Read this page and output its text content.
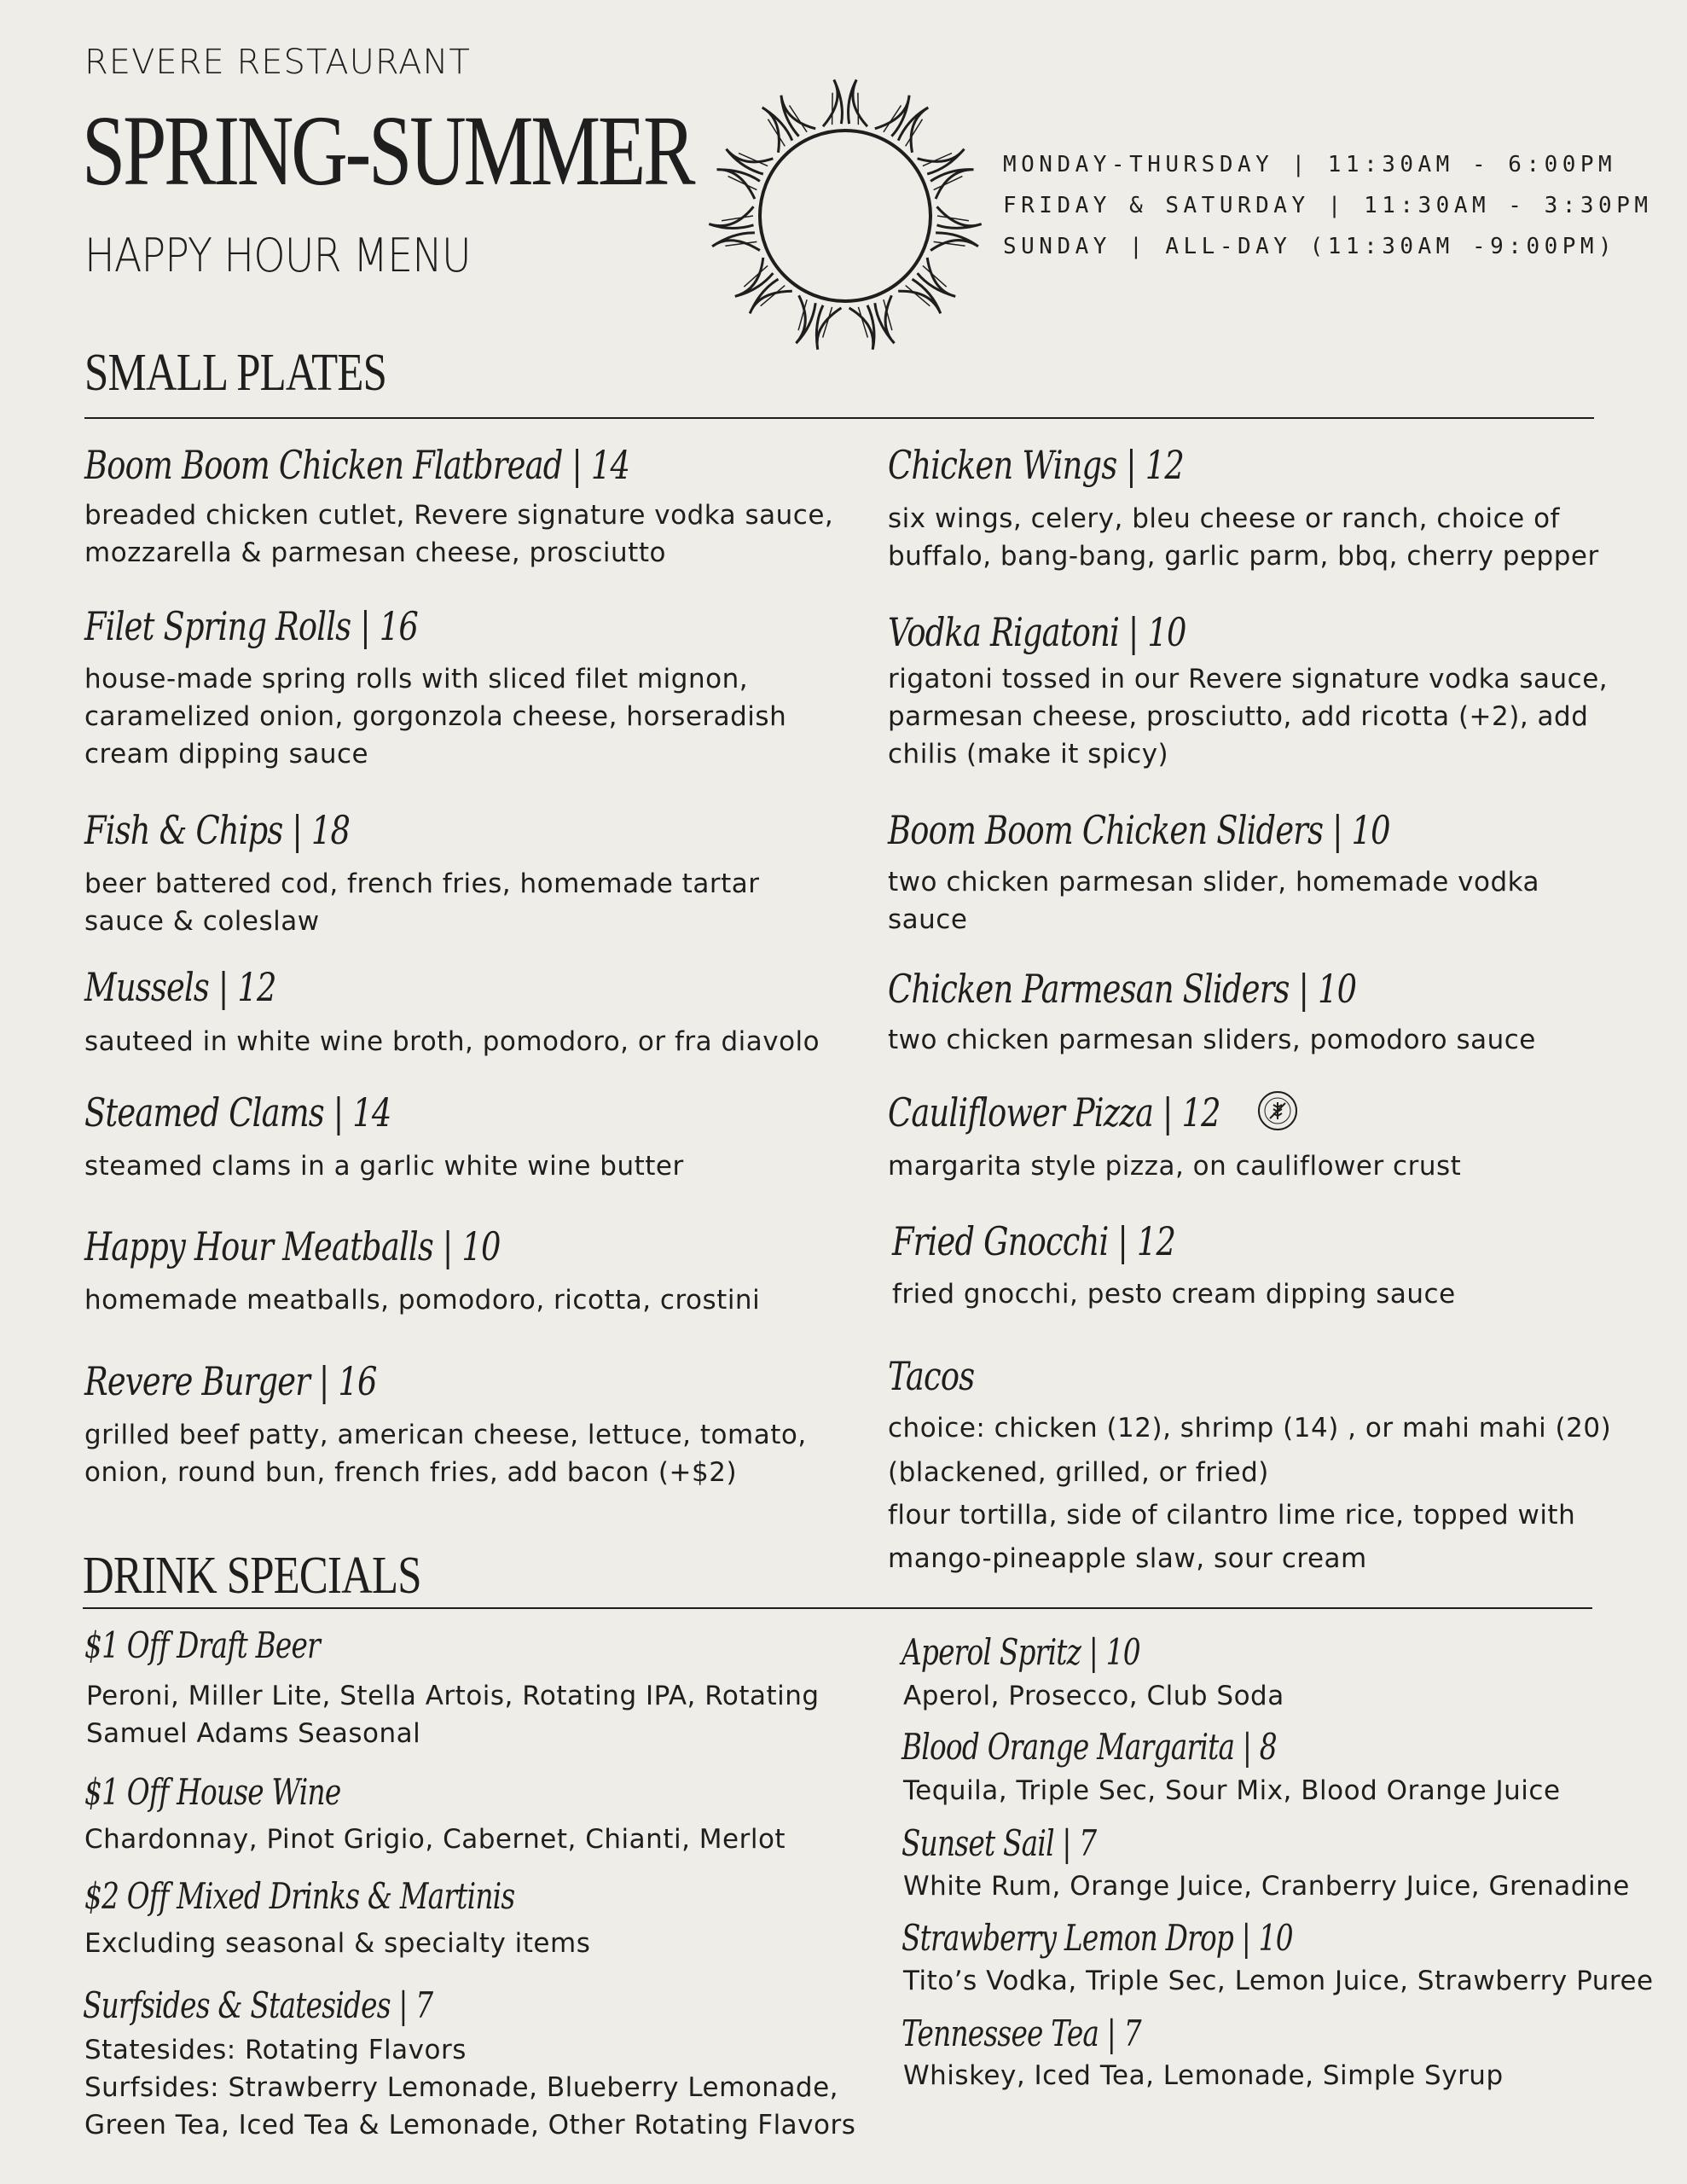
REVERE RESTAURANT
SPRING-SUMMER
HAPPY HOUR MENU
MONDAY-THURSDAY | 11:30AM - 6:00PM
FRIDAY & SATURDAY | 11:30AM - 3:30PM
SUNDAY | ALL-DAY (11:30AM -9:00PM)
SMALL PLATES
Boom Boom Chicken Flatbread | 14
breaded chicken cutlet, Revere signature vodka sauce, mozzarella & parmesan cheese, prosciutto
Filet Spring Rolls | 16
house-made spring rolls with sliced filet mignon, caramelized onion, gorgonzola cheese, horseradish cream dipping sauce
Fish & Chips | 18
beer battered cod, french fries, homemade tartar sauce & coleslaw
Mussels | 12
sauteed in white wine broth, pomodoro, or fra diavolo
Steamed Clams | 14
steamed clams in a garlic white wine butter
Happy Hour Meatballs | 10
homemade meatballs, pomodoro, ricotta, crostini
Revere Burger | 16
grilled beef patty, american cheese, lettuce, tomato, onion, round bun, french fries, add bacon (+$2)
Chicken Wings | 12
six wings, celery, bleu cheese or ranch, choice of buffalo, bang-bang, garlic parm, bbq, cherry pepper
Vodka Rigatoni | 10
rigatoni tossed in our Revere signature vodka sauce, parmesan cheese, prosciutto, add ricotta (+2), add chilis (make it spicy)
Boom Boom Chicken Sliders | 10
two chicken parmesan slider, homemade vodka sauce
Chicken Parmesan Sliders | 10
two chicken parmesan sliders, pomodoro sauce
Cauliflower Pizza | 12
margarita style pizza, on cauliflower crust
Fried Gnocchi | 12
fried gnocchi, pesto cream dipping sauce
Tacos
choice: chicken (12), shrimp (14) , or mahi mahi (20)
(blackened, grilled, or fried)
flour tortilla, side of cilantro lime rice, topped with
mango-pineapple slaw, sour cream
DRINK SPECIALS
$1 Off Draft Beer
Peroni, Miller Lite, Stella Artois, Rotating IPA, Rotating Samuel Adams Seasonal
$1 Off House Wine
Chardonnay, Pinot Grigio, Cabernet, Chianti, Merlot
$2 Off Mixed Drinks & Martinis
Excluding seasonal & specialty items
Surfsides & Statesides | 7
Statesides: Rotating Flavors
Surfsides: Strawberry Lemonade, Blueberry Lemonade, Green Tea, Iced Tea & Lemonade, Other Rotating Flavors
Aperol Spritz | 10
Aperol, Prosecco, Club Soda
Blood Orange Margarita | 8
Tequila, Triple Sec, Sour Mix, Blood Orange Juice
Sunset Sail | 7
White Rum, Orange Juice, Cranberry Juice, Grenadine
Strawberry Lemon Drop | 10
Tito’s Vodka, Triple Sec, Lemon Juice, Strawberry Puree
Tennessee Tea | 7
Whiskey, Iced Tea, Lemonade, Simple Syrup
